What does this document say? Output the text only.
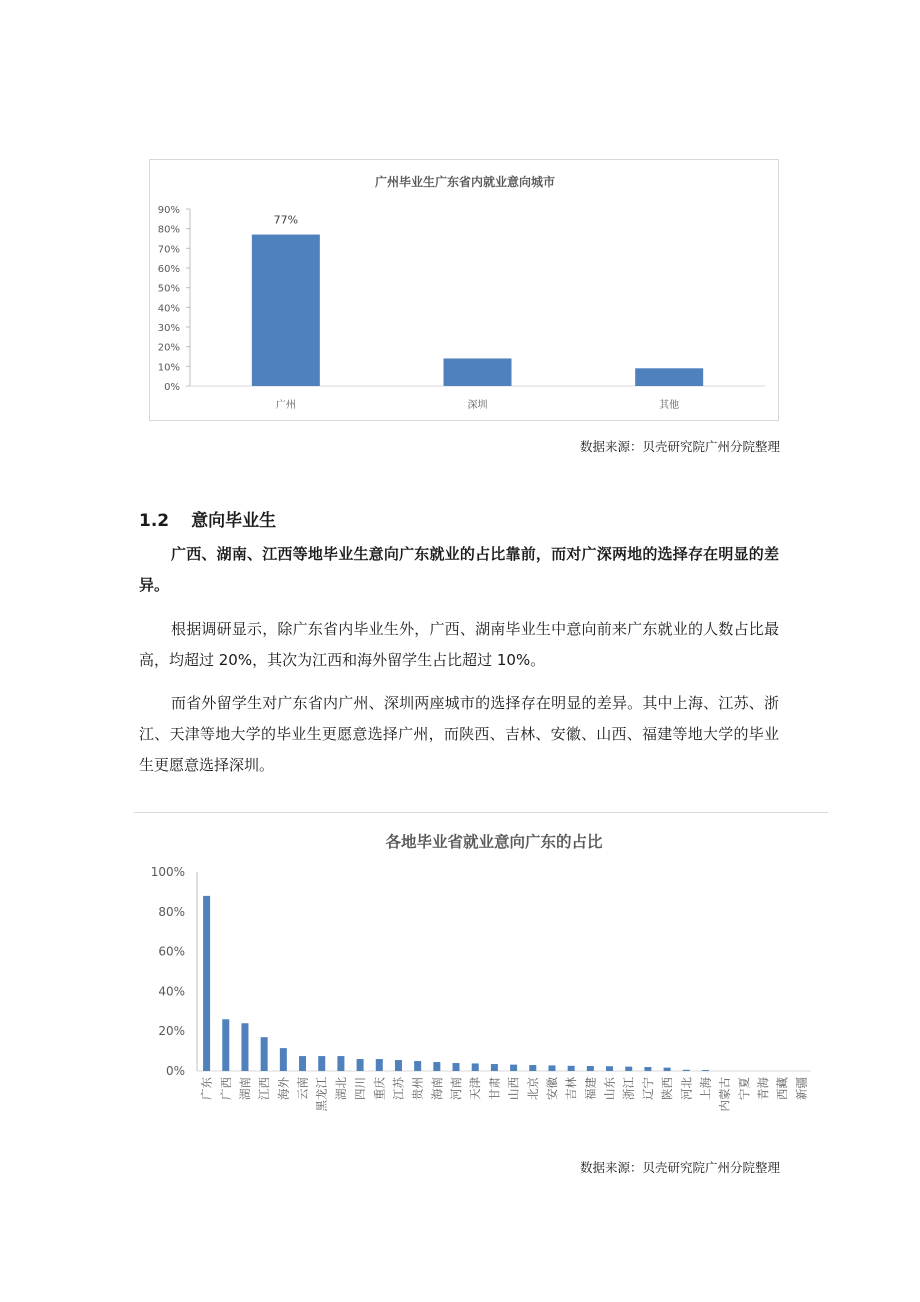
广州毕业生广东省内就业意向城市
0%
10%
20%
30%
40%
50%
60%
70%
80%
90%
广州
77%
深圳	其他
数据来源：贝壳研究院广州分院整理
1.2 意向毕业生
广西、湖南、江西等地毕业生意向广东就业的占比靠前，而对广深两地的选择存在明显的差异。
根据调研显示，除广东省内毕业生外，广西、湖南毕业生中意向前来广东就业的人数占比最高，均超过 20%，其次为江西和海外留学生占比超过 10%。
而省外留学生对广东省内广州、深圳两座城市的选择存在明显的差异。其中上海、江苏、浙江、天津等地大学的毕业生更愿意选择广州，而陕西、吉林、安徽、山西、福建等地大学的毕业生更愿意选择深圳。
各地毕业省就业意向广东的占比
0%
20%
40%
60%
80%
100%
广东 广西 湖南 江西 海外 云南 黑龙江 湖北 四川 重庆 江苏 贵州 海南 河南 天津 甘肃 山西 北京 安徽 吉林 福建 山东 浙江 辽宁 陕西 河北 上海 内蒙古 宁夏 青海 西藏 新疆
数据来源：贝壳研究院广州分院整理
